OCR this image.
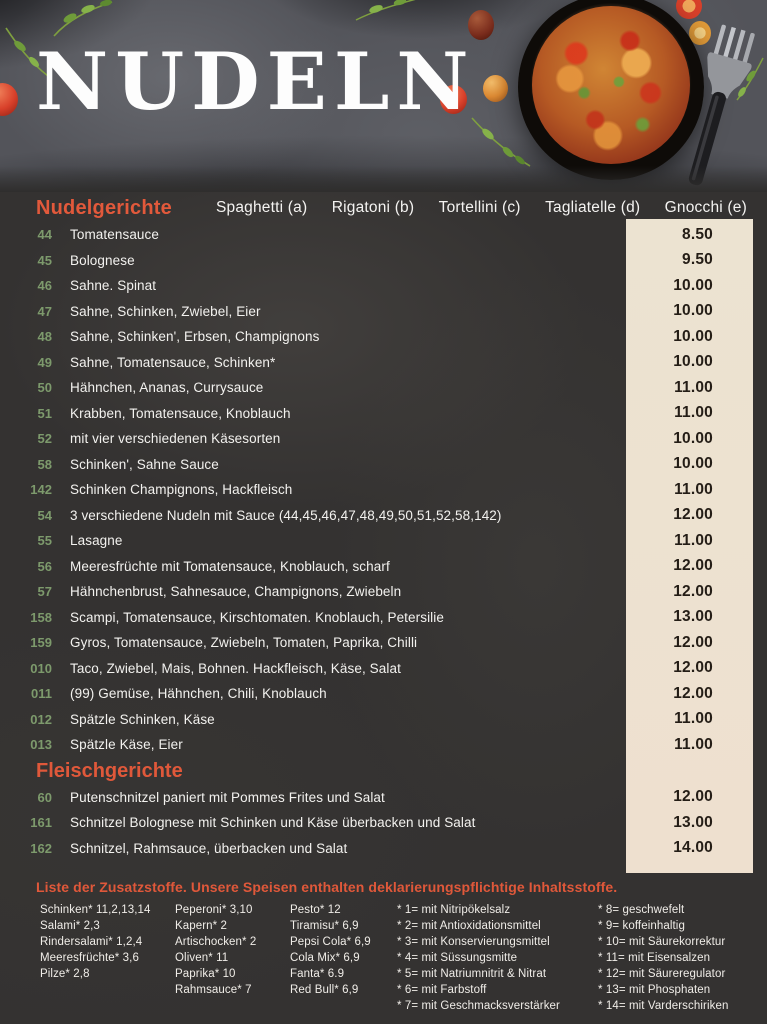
NUDELN
Nudelgerichte	Spaghetti (a) Rigatoni (b) Tortellini (c) Tagliatelle (d) Gnocchi (e)
44 Tomatensauce	8.50
45 Bolognese	9.50
46 Sahne. Spinat	10.00
47 Sahne, Schinken, Zwiebel, Eier	10.00
48 Sahne, Schinken', Erbsen, Champignons	10.00
49 Sahne, Tomatensauce, Schinken*	10.00
50 Hähnchen, Ananas, Currysauce	11.00
51 Krabben, Tomatensauce, Knoblauch	11.00
52 mit vier verschiedenen Käsesorten	10.00
58 Schinken', Sahne Sauce	10.00
142 Schinken Champignons, Hackfleisch	11.00
54 3 verschiedene Nudeln mit Sauce (44,45,46,47,48,49,50,51,52,58,142)	12.00
55 Lasagne	11.00
56 Meeresfrüchte mit Tomatensauce, Knoblauch, scharf	12.00
57 Hähnchenbrust, Sahnesauce, Champignons, Zwiebeln	12.00
158 Scampi, Tomatensauce, Kirschtomaten. Knoblauch, Petersilie	13.00
159 Gyros, Tomatensauce, Zwiebeln, Tomaten, Paprika, Chilli	12.00
010 Taco, Zwiebel, Mais, Bohnen. Hackfleisch, Käse, Salat	12.00
011 (99) Gemüse, Hähnchen, Chili, Knoblauch	12.00
012 Spätzle Schinken, Käse	11.00
013 Spätzle Käse, Eier	11.00
Fleischgerichte
60 Putenschnitzel paniert mit Pommes Frites und Salat	12.00
161 Schnitzel Bolognese mit Schinken und Käse überbacken und Salat	13.00
162 Schnitzel, Rahmsauce, überbacken und Salat	14.00
Liste der Zusatzstoffe. Unsere Speisen enthalten deklarierungspflichtige Inhaltsstoffe.
Schinken* 11,2,13,14
Salami* 2,3
Rindersalami* 1,2,4
Meeresfrüchte* 3,6
Pilze* 2,8
Peperoni* 3,10
Kapern* 2
Artischocken* 2
Oliven* 11
Paprika* 10
Rahmsauce* 7
Pesto* 12
Tiramisu* 6,9
Pepsi Cola* 6,9
Cola Mix* 6,9
Fanta* 6.9
Red Bull* 6,9
* 1= mit Nitripökelsalz
* 2= mit Antioxidationsmittel
* 3= mit Konservierungsmittel
* 4= mit Süssungsmitte
* 5= mit Natriumnitrit & Nitrat
* 6= mit Farbstoff
* 7= mit Geschmacksverstärker
* 8= geschwefelt
* 9= koffeinhaltig
* 10= mit Säurekorrektur
* 11= mit Eisensalzen
* 12= mit Säureregulator
* 13= mit Phosphaten
* 14= mit Varderschiriken
